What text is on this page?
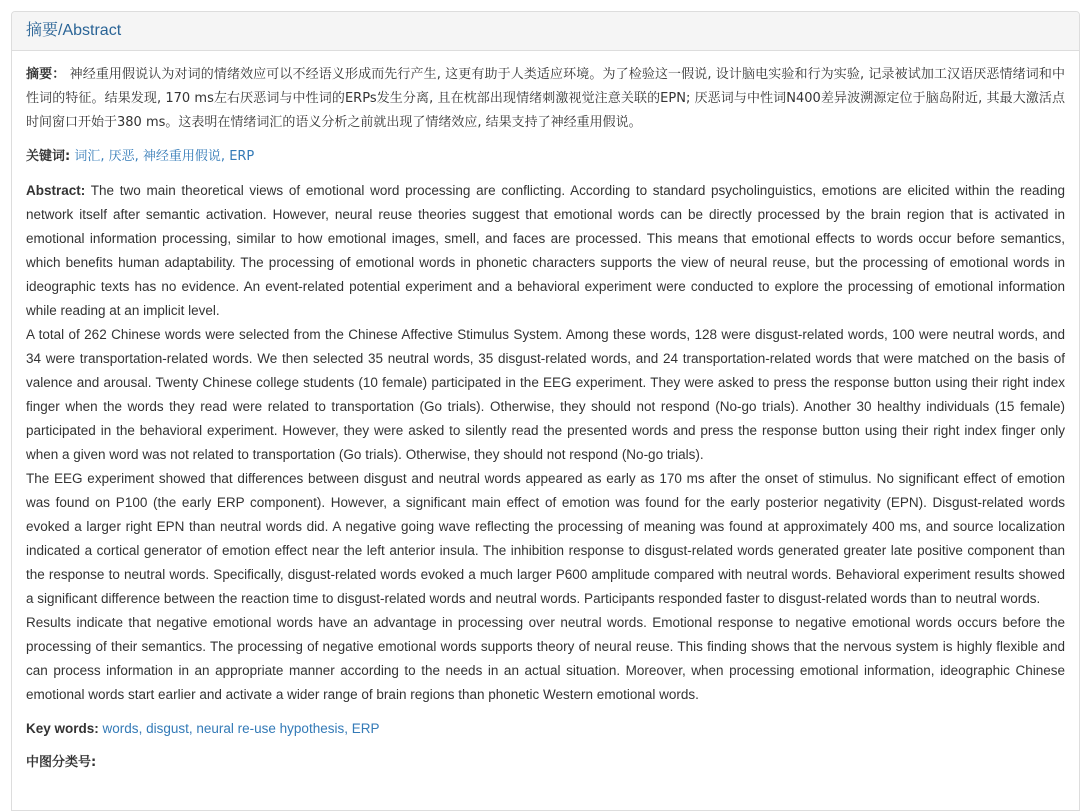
摘要/Abstract
摘要： 神经重用假说认为对词的情绪效应可以不经语义形成而先行产生, 这更有助于人类适应环境。为了检验这一假说, 设计脑电实验和行为实验, 记录被试加工汉语厌恶情绪词和中性词的特征。结果发现, 170 ms左右厌恶词与中性词的ERPs发生分离, 且在枕部出现情绪刺激视觉注意关联的EPN; 厌恶词与中性词N400差异波溯源定位于脑岛附近, 其最大激活点时间窗口开始于380 ms。这表明在情绪词汇的语义分析之前就出现了情绪效应, 结果支持了神经重用假说。
关键词: 词汇, 厌恶, 神经重用假说, ERP

Abstract: The two main theoretical views of emotional word processing are conflicting. According to standard psycholinguistics, emotions are elicited within the reading network itself after semantic activation. However, neural reuse theories suggest that emotional words can be directly processed by the brain region that is activated in emotional information processing, similar to how emotional images, smell, and faces are processed. This means that emotional effects to words occur before semantics, which benefits human adaptability. The processing of emotional words in phonetic characters supports the view of neural reuse, but the processing of emotional words in ideographic texts has no evidence. An event-related potential experiment and a behavioral experiment were conducted to explore the processing of emotional information while reading at an implicit level.

A total of 262 Chinese words were selected from the Chinese Affective Stimulus System. Among these words, 128 were disgust-related words, 100 were neutral words, and 34 were transportation-related words. We then selected 35 neutral words, 35 disgust-related words, and 24 transportation-related words that were matched on the basis of valence and arousal. Twenty Chinese college students (10 female) participated in the EEG experiment. They were asked to press the response button using their right index finger when the words they read were related to transportation (Go trials). Otherwise, they should not respond (No-go trials). Another 30 healthy individuals (15 female) participated in the behavioral experiment. However, they were asked to silently read the presented words and press the response button using their right index finger only when a given word was not related to transportation (Go trials). Otherwise, they should not respond (No-go trials).

The EEG experiment showed that differences between disgust and neutral words appeared as early as 170 ms after the onset of stimulus. No significant effect of emotion was found on P100 (the early ERP component). However, a significant main effect of emotion was found for the early posterior negativity (EPN). Disgust-related words evoked a larger right EPN than neutral words did. A negative going wave reflecting the processing of meaning was found at approximately 400 ms, and source localization indicated a cortical generator of emotion effect near the left anterior insula. The inhibition response to disgust-related words generated greater late positive component than the response to neutral words. Specifically, disgust-related words evoked a much larger P600 amplitude compared with neutral words. Behavioral experiment results showed a significant difference between the reaction time to disgust-related words and neutral words. Participants responded faster to disgust-related words than to neutral words.

Results indicate that negative emotional words have an advantage in processing over neutral words. Emotional response to negative emotional words occurs before the processing of their semantics. The processing of negative emotional words supports theory of neural reuse. This finding shows that the nervous system is highly flexible and can process information in an appropriate manner according to the needs in an actual situation. Moreover, when processing emotional information, ideographic Chinese emotional words start earlier and activate a wider range of brain regions than phonetic Western emotional words.

Key words: words, disgust, neural re-use hypothesis, ERP
中图分类号:
